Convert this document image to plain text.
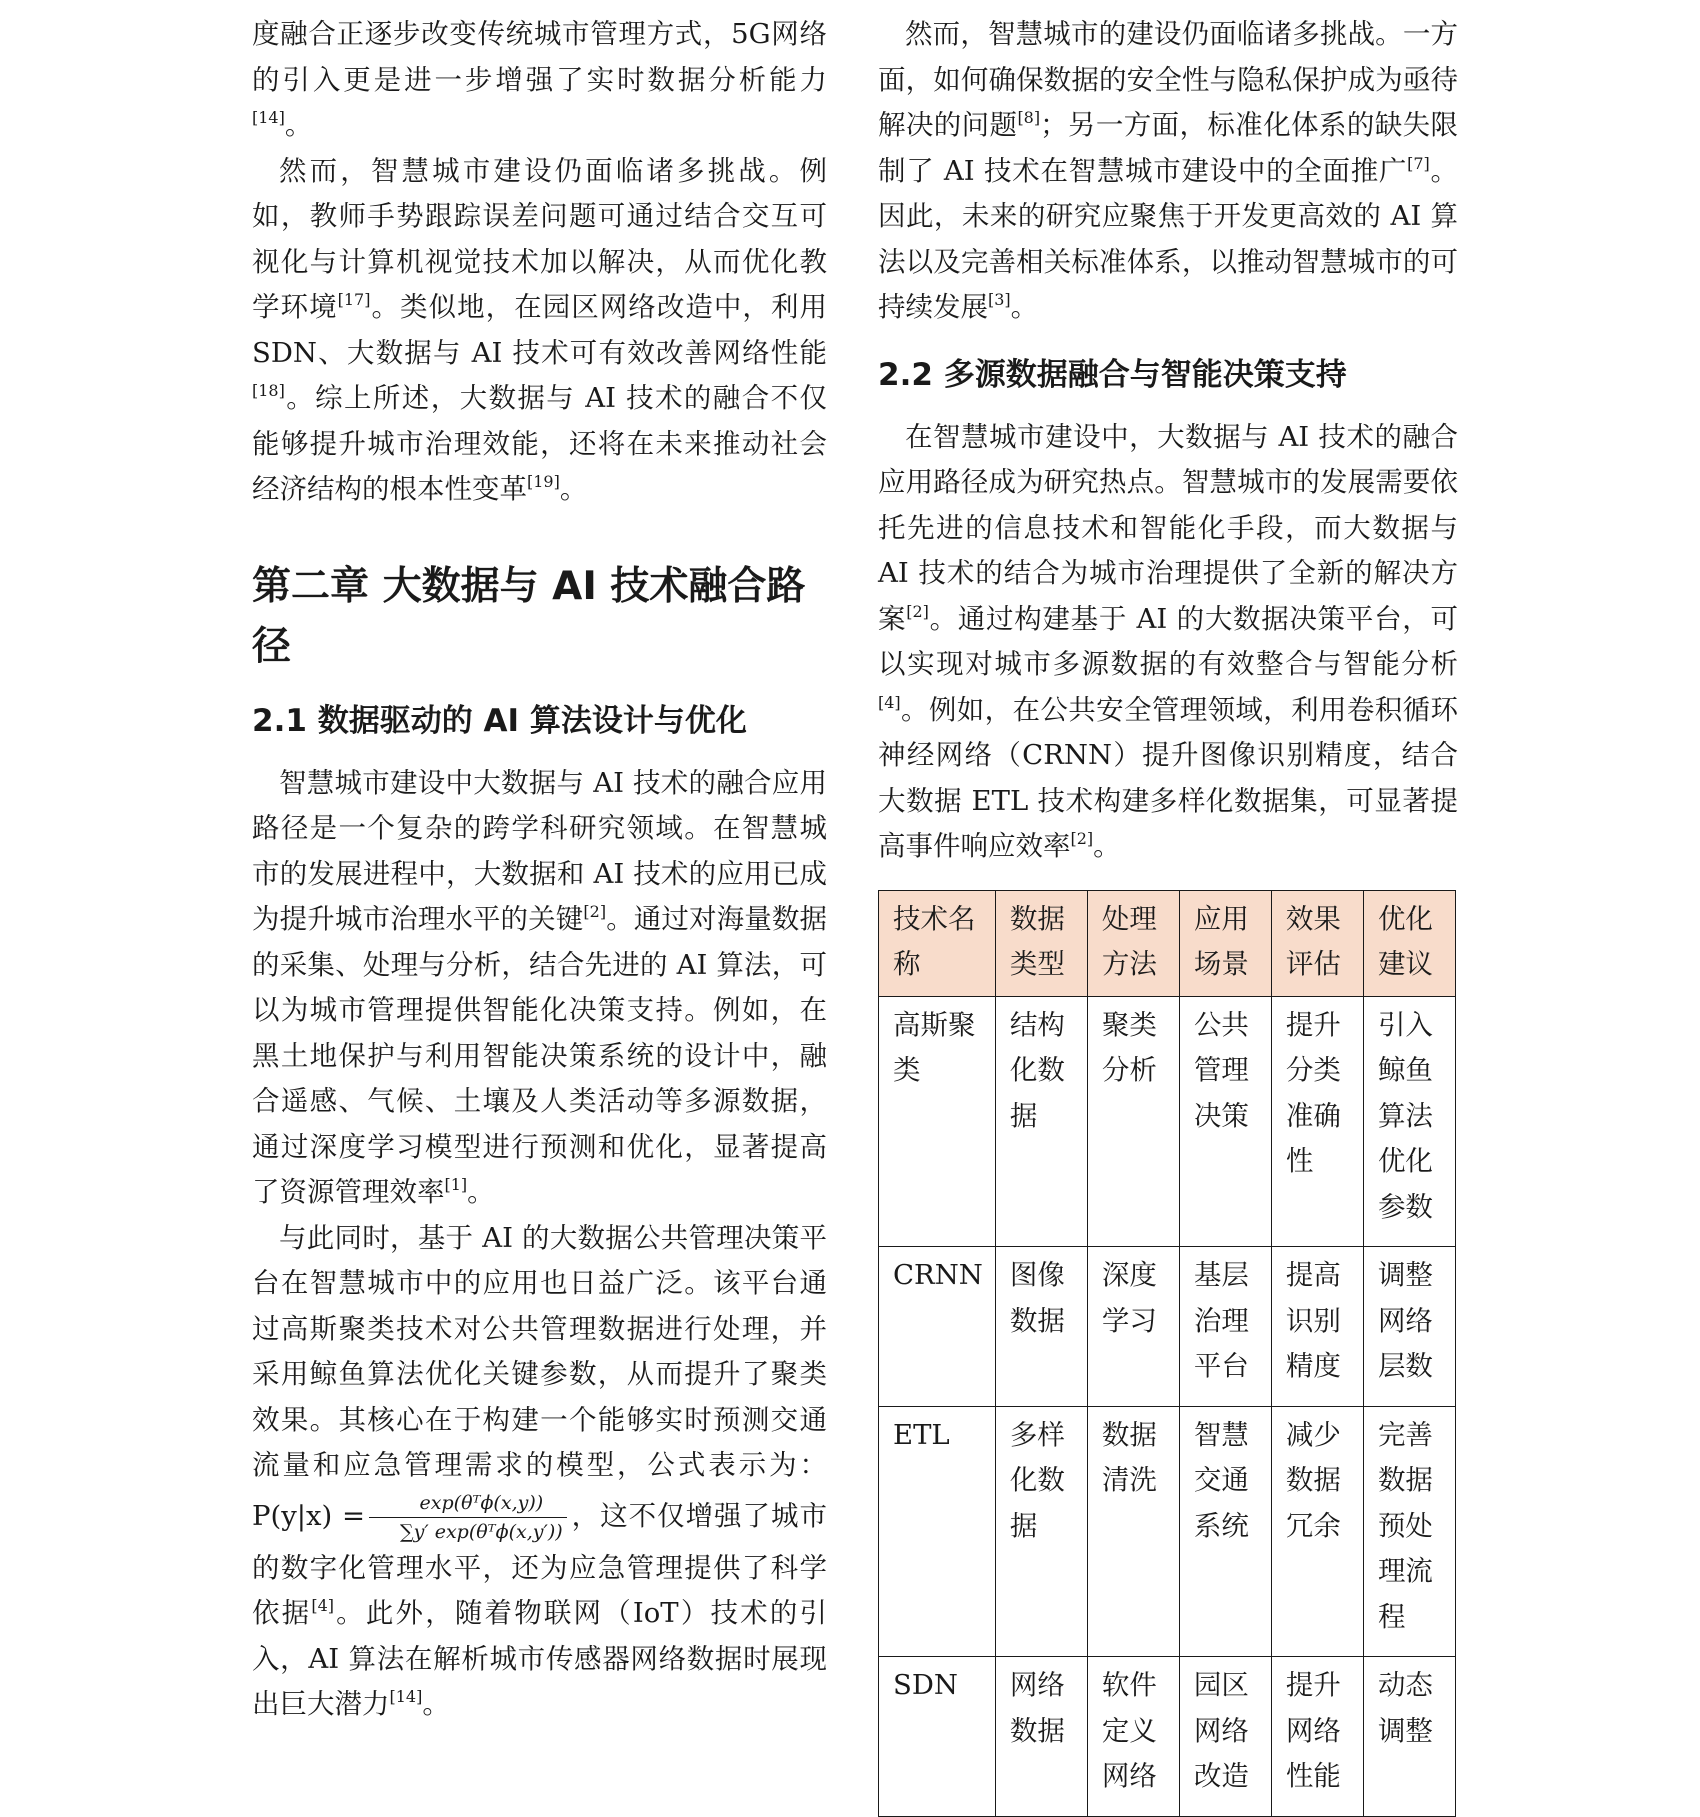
度融合正逐步改变传统城市管理方式，5G网络的引入更是进一步增强了实时数据分析能力[14]。

然而，智慧城市建设仍面临诸多挑战。例如，教师手势跟踪误差问题可通过结合交互可视化与计算机视觉技术加以解决，从而优化教学环境[17]。类似地，在园区网络改造中，利用 SDN、大数据与 AI 技术可有效改善网络性能[18]。综上所述，大数据与 AI 技术的融合不仅能够提升城市治理效能，还将在未来推动社会经济结构的根本性变革[19]。

第二章 大数据与 AI 技术融合路径
2.1 数据驱动的 AI 算法设计与优化

智慧城市建设中大数据与 AI 技术的融合应用路径是一个复杂的跨学科研究领域。在智慧城市的发展进程中，大数据和 AI 技术的应用已成为提升城市治理水平的关键[2]。通过对海量数据的采集、处理与分析，结合先进的 AI 算法，可以为城市管理提供智能化决策支持。例如，在黑土地保护与利用智能决策系统的设计中，融合遥感、气候、土壤及人类活动等多源数据，通过深度学习模型进行预测和优化，显著提高了资源管理效率[1]。

与此同时，基于 AI 的大数据公共管理决策平台在智慧城市中的应用也日益广泛。该平台通过高斯聚类技术对公共管理数据进行处理，并采用鲸鱼算法优化关键参数，从而提升了聚类效果。其核心在于构建一个能够实时预测交通流量和应急管理需求的模型，公式表示为：$P(y|x) = \frac{\text{exp(θᵀϕ(x,y))}}{\text{∑y′ exp(θᵀϕ(x,y′))}}$ ，这不仅增强了城市的数字化管理水平，还为应急管理提供了科学依据[4]。此外，随着物联网（IoT）技术的引入，AI 算法在解析城市传感器网络数据时展现出巨大潜力[14]。

然而，智慧城市的建设仍面临诸多挑战。一方面，如何确保数据的安全性与隐私保护成为亟待解决的问题[8]；另一方面，标准化体系的缺失限制了 AI 技术在智慧城市建设中的全面推广[7]。因此，未来的研究应聚焦于开发更高效的 AI 算法以及完善相关标准体系，以推动智慧城市的可持续发展[3]。

2.2 多源数据融合与智能决策支持

在智慧城市建设中，大数据与 AI 技术的融合应用路径成为研究热点。智慧城市的发展需要依托先进的信息技术和智能化手段，而大数据与 AI 技术的结合为城市治理提供了全新的解决方案[2]。通过构建基于 AI 的大数据决策平台，可以实现对城市多源数据的有效整合与智能分析[4]。例如，在公共安全管理领域，利用卷积循环神经网络（CRNN）提升图像识别精度，结合大数据 ETL 技术构建多样化数据集，可显著提高事件响应效率[2]。

技术名称	数据类型	处理方法	应用场景	效果评估	优化建议
高斯聚类	结构化数据	聚类分析	公共管理决策	提升分类准确性	引入鲸鱼算法优化参数
CRNN	图像数据	深度学习	基层治理平台	提高识别精度	调整网络层数
ETL	多样化数据	数据清洗	智慧交通系统	减少数据冗余	完善数据预处理流程
SDN	网络数据	软件定义网络	园区网络改造	提升网络性能	动态调整
